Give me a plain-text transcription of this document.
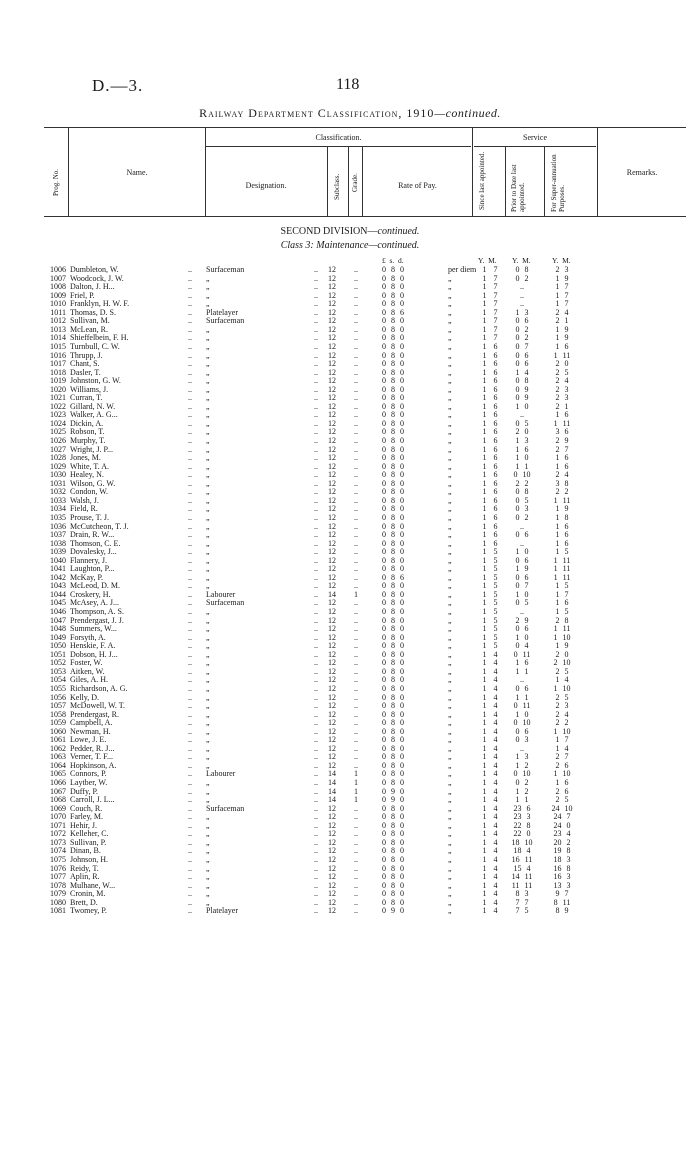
D.—3.	118
Railway Department Classification, 1910—continued.
Classification.	Service
Name.
Designation.	Rate of Pay.
Remarks.
Prog. No.	Subclass. Grade.	Since last appointed.	Prior to Date last appointed.	For Super-annuation Purposes.
SECOND DIVISION—continued.
Class 3: Maintenance—continued.
£  s.  d.	Y.  M. Y.  M.	Y.  M.
1006 Dumbleton, W.	.. Surfaceman	.. 12	..	0 8 0	per diem 1 7	0 8	2 3
1007 Woodcock, J. W.	.. „	.. 12	..	0 8 0	„	1 7	0 2	1 9
1008 Dalton, J. H...	.. „	.. 12	..	0 8 0	„	1 7	..	1 7
1009 Friel, P.	.. „	.. 12	..	0 8 0	„	1 7	..	1 7
1010 Franklyn, H. W. F.	.. „	.. 12	..	0 8 0	„	1 7	..	1 7
1011 Thomas, D. S.	.. Platelayer	.. 12	..	0 8 6	„	1 7	1 3	2 4
1012 Sullivan, M.	.. Surfaceman	.. 12	..	0 8 0	„	1 7	0 6	2 1
1013 McLean, R.	.. „	.. 12	..	0 8 0	„	1 7	0 2	1 9
1014 Shieffelbein, F. H.	.. „	.. 12	..	0 8 0	„	1 7	0 2	1 9
1015 Turnbull, C. W.	.. „	.. 12	..	0 8 0	„	1 6	0 7	1 6
1016 Thrupp, J.	.. „	.. 12	..	0 8 0	„	1 6	0 6	1 11
1017 Chant, S.	.. „	.. 12	..	0 8 0	„	1 6	0 6	2 0
1018 Dasler, T.	.. „	.. 12	..	0 8 0	„	1 6	1 4	2 5
1019 Johnston, G. W.	.. „	.. 12	..	0 8 0	„	1 6	0 8	2 4
1020 Williams, J.	.. „	.. 12	..	0 8 0	„	1 6	0 9	2 3
1021 Curran, T.	.. „	.. 12	..	0 8 0	„	1 6	0 9	2 3
1022 Gillard, N. W.	.. „	.. 12	..	0 8 0	„	1 6	1 0	2 1
1023 Walker, A. G...	.. „	.. 12	..	0 8 0	„	1 6	..	1 6
1024 Dickin, A.	.. „	.. 12	..	0 8 0	„	1 6	0 5	1 11
1025 Robson, T.	.. „	.. 12	..	0 8 0	„	1 6	2 0	3 6
1026 Murphy, T.	.. „	.. 12	..	0 8 0	„	1 6	1 3	2 9
1027 Wright, J. P...	.. „	.. 12	..	0 8 0	„	1 6	1 6	2 7
1028 Jones, M.	.. „	.. 12	..	0 8 0	„	1 6	1 0	1 6
1029 White, T. A.	.. „	.. 12	..	0 8 0	„	1 6	1 1	1 6
1030 Healey, N.	.. „	.. 12	..	0 8 0	„	1 6	0 10	2 4
1031 Wilson, G. W.	.. „	.. 12	..	0 8 0	„	1 6	2 2	3 8
1032 Condon, W.	.. „	.. 12	..	0 8 0	„	1 6	0 8	2 2
1033 Walsh, J.	.. „	.. 12	..	0 8 0	„	1 6	0 5	1 11
1034 Field, R.	.. „	.. 12	..	0 8 0	„	1 6	0 3	1 9
1035 Prouse, T. J.	.. „	.. 12	..	0 8 0	„	1 6	0 2	1 8
1036 McCutcheon, T. J.	.. „	.. 12	..	0 8 0	„	1 6	..	1 6
1037 Drain, R. W...	.. „	.. 12	..	0 8 0	„	1 6	0 6	1 6
1038 Thomson, C. E.	.. „	.. 12	..	0 8 0	„	1 6	..	1 6
1039 Dovalesky, J...	.. „	.. 12	..	0 8 0	„	1 5	1 0	1 5
1040 Flannery, J.	.. „	.. 12	..	0 8 0	„	1 5	0 6	1 11
1041 Laughton, P...	.. „	.. 12	..	0 8 0	„	1 5	1 9	1 11
1042 McKay, P.	.. „	.. 12	..	0 8 6	„	1 5	0 6	1 11
1043 McLeod, D. M.	.. „	.. 12	..	0 8 0	„	1 5	0 7	1 5
1044 Croskery, H.	.. Labourer	.. 14	1	0 8 0	„	1 5	1 0	1 7
1045 McAsey, A. J...	.. Surfaceman	.. 12	..	0 8 0	„	1 5	0 5	1 6
1046 Thompson, A. S.	.. „	.. 12	..	0 8 0	„	1 5	..	1 5
1047 Prendergast, J. J.	.. „	.. 12	..	0 8 0	„	1 5	2 9	2 8
1048 Summers, W...	.. „	.. 12	..	0 8 0	„	1 5	0 6	1 11
1049 Forsyth, A.	.. „	.. 12	..	0 8 0	„	1 5	1 0	1 10
1050 Henskie, F. A.	.. „	.. 12	..	0 8 0	„	1 5	0 4	1 9
1051 Dobson, H. J...	.. „	.. 12	..	0 8 0	„	1 4	0 11	2 0
1052 Foster, W.	.. „	.. 12	..	0 8 0	„	1 4	1 6	2 10
1053 Aitken, W.	.. „	.. 12	..	0 8 0	„	1 4	1 1	2 5
1054 Giles, A. H.	.. „	.. 12	..	0 8 0	„	1 4	..	1 4
1055 Richardson, A. G.	.. „	.. 12	..	0 8 0	„	1 4	0 6	1 10
1056 Kelly, D.	.. „	.. 12	..	0 8 0	„	1 4	1 1	2 5
1057 McDowell, W. T.	.. „	.. 12	..	0 8 0	„	1 4	0 11	2 3
1058 Prendergast, R.	.. „	.. 12	..	0 8 0	„	1 4	1 0	2 4
1059 Campbell, A.	.. „	.. 12	..	0 8 0	„	1 4	0 10	2 2
1060 Newman, H.	.. „	.. 12	..	0 8 0	„	1 4	0 6	1 10
1061 Lowe, J. E.	.. „	.. 12	..	0 8 0	„	1 4	0 3	1 7
1062 Pedder, R. J...	.. „	.. 12	..	0 8 0	„	1 4	..	1 4
1063 Verner, T. F...	.. „	.. 12	..	0 8 0	„	1 4	1 3	2 7
1064 Hopkinson, A.	.. „	.. 12	..	0 8 0	„	1 4	1 2	2 6
1065 Connors, P.	.. Labourer	.. 14	1	0 8 0	„	1 4	0 10	1 10
1066 Laytber, W.	.. „	.. 14	1	0 8 0	„	1 4	0 2	1 6
1067 Duffy, P.	.. „	.. 14	1	0 9 0	„	1 4	1 2	2 6
1068 Carroll, J. L...	.. „	.. 14	1	0 9 0	„	1 4	1 1	2 5
1069 Couch, R.	.. Surfaceman	.. 12	..	0 8 0	„	1 4	23 6	24 10
1070 Farley, M.	.. „	.. 12	..	0 8 0	„	1 4	23 3	24 7
1071 Hehir, J.	.. „	.. 12	..	0 8 0	„	1 4	22 8	24 0
1072 Kelleher, C.	.. „	.. 12	..	0 8 0	„	1 4	22 0	23 4
1073 Sullivan, P.	.. „	.. 12	..	0 8 0	„	1 4	18 10	20 2
1074 Dinan, B.	.. „	.. 12	..	0 8 0	„	1 4	18 4	19 8
1075 Johnson, H.	.. „	.. 12	..	0 8 0	„	1 4	16 11	18 3
1076 Reidy, T.	.. „	.. 12	..	0 8 0	„	1 4	15 4	16 8
1077 Aplin, R.	.. „	.. 12	..	0 8 0	„	1 4	14 11	16 3
1078 Mulhane, W...	.. „	.. 12	..	0 8 0	„	1 4	11 11	13 3
1079 Cronin, M.	.. „	.. 12	..	0 8 0	„	1 4	8 3	9 7
1080 Brett, D.	.. „	.. 12	..	0 8 0	„	1 4	7 7	8 11
1081 Twomey, P.	.. Platelayer	.. 12	..	0 9 0	„	1 4	7 5	8 9
